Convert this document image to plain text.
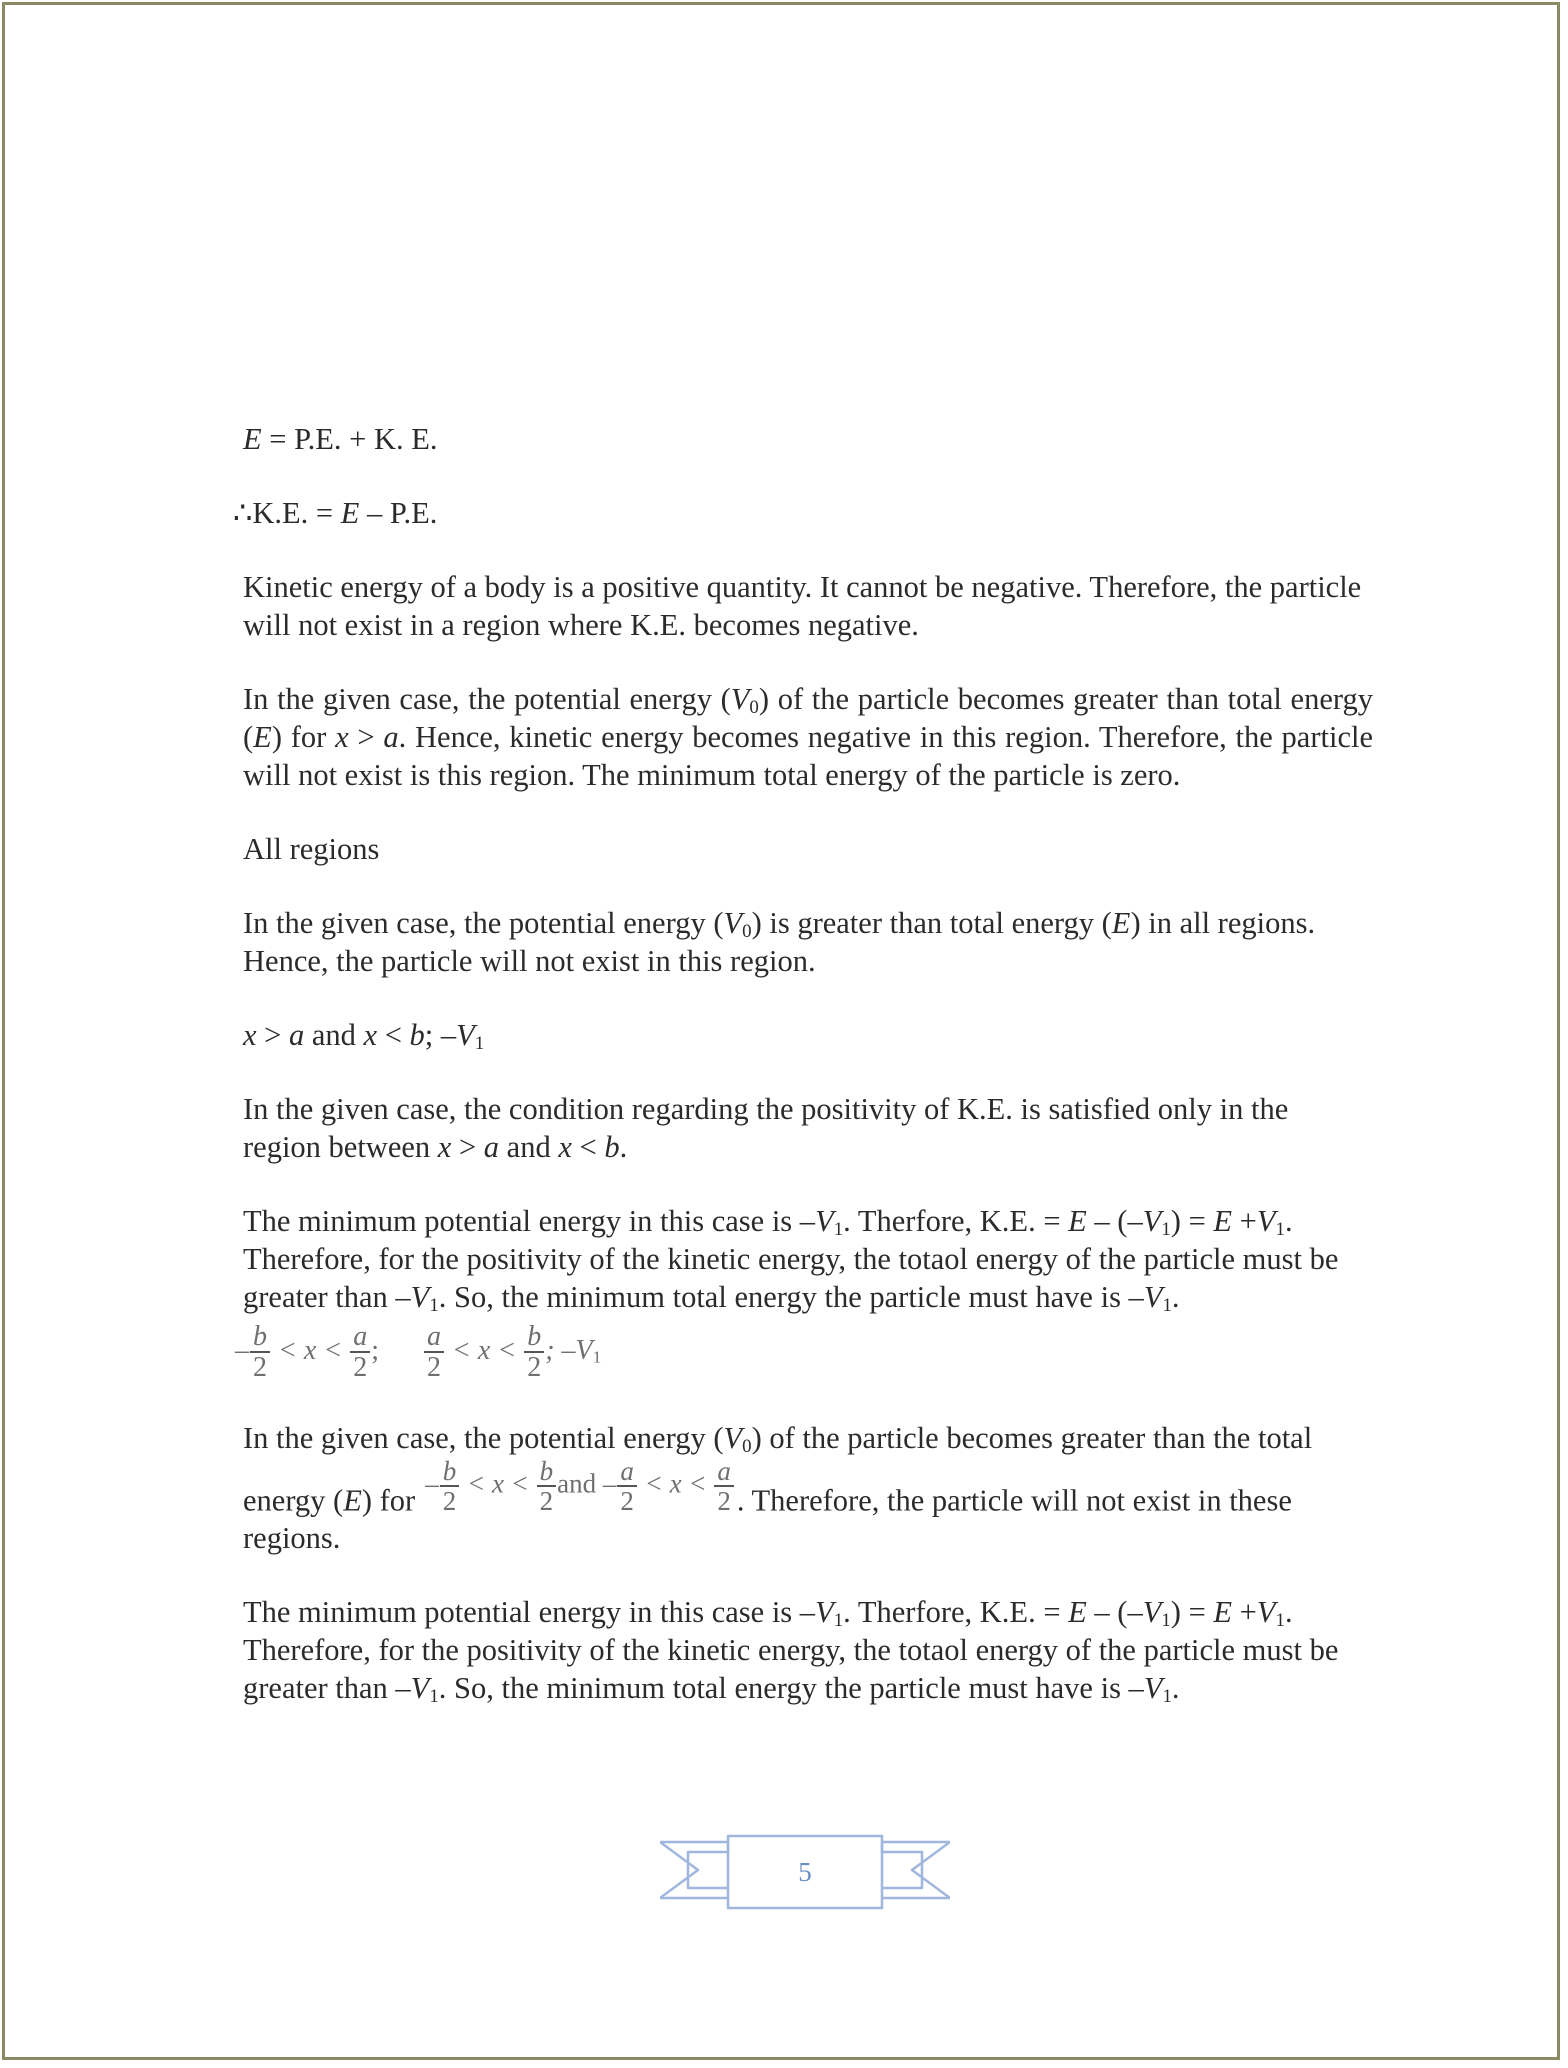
E = P.E. + K. E.

∴K.E. = E – P.E.

Kinetic energy of a body is a positive quantity. It cannot be negative. Therefore, the particle will not exist in a region where K.E. becomes negative.

In the given case, the potential energy $(V_0)$ of the particle becomes greater than total energy (E) for x > a. Hence, kinetic energy becomes negative in this region. Therefore, the particle will not exist is this region. The minimum total energy of the particle is zero.

All regions

In the given case, the potential energy $(V_0)$ is greater than total energy (E) in all regions. Hence, the particle will not exist in this region.

x > a and x < b; $-V_1$

In the given case, the condition regarding the positivity of K.E. is satisfied only in the region between x > a and x < b.

The minimum potential energy in this case is $-V_1$. Therfore, K.E. = $E - (-V_1) = E +V_1$. Therefore, for the positivity of the kinetic energy, the totaol energy of the particle must be greater than $-V_1$. So, the minimum total energy the particle must have is $-V_1$.

– $\frac{b}{2} < x < \frac{a}{2}$ ; $\frac{a}{2} < x < \frac{b}{2}$ ; $-V_1$

In the given case, the potential energy $(V_0)$ of the particle becomes greater than the total energy (E) for – $\frac{b}{2} < x < \frac{b}{2}$ and – $\frac{a}{2} < x < \frac{a}{2}$ . Therefore, the particle will not exist in these regions.

The minimum potential energy in this case is $-V_1$. Therfore, K.E. = $E - (-V_1) = E +V_1$. Therefore, for the positivity of the kinetic energy, the totaol energy of the particle must be greater than $-V_1$. So, the minimum total energy the particle must have is $-V_1$.

5
